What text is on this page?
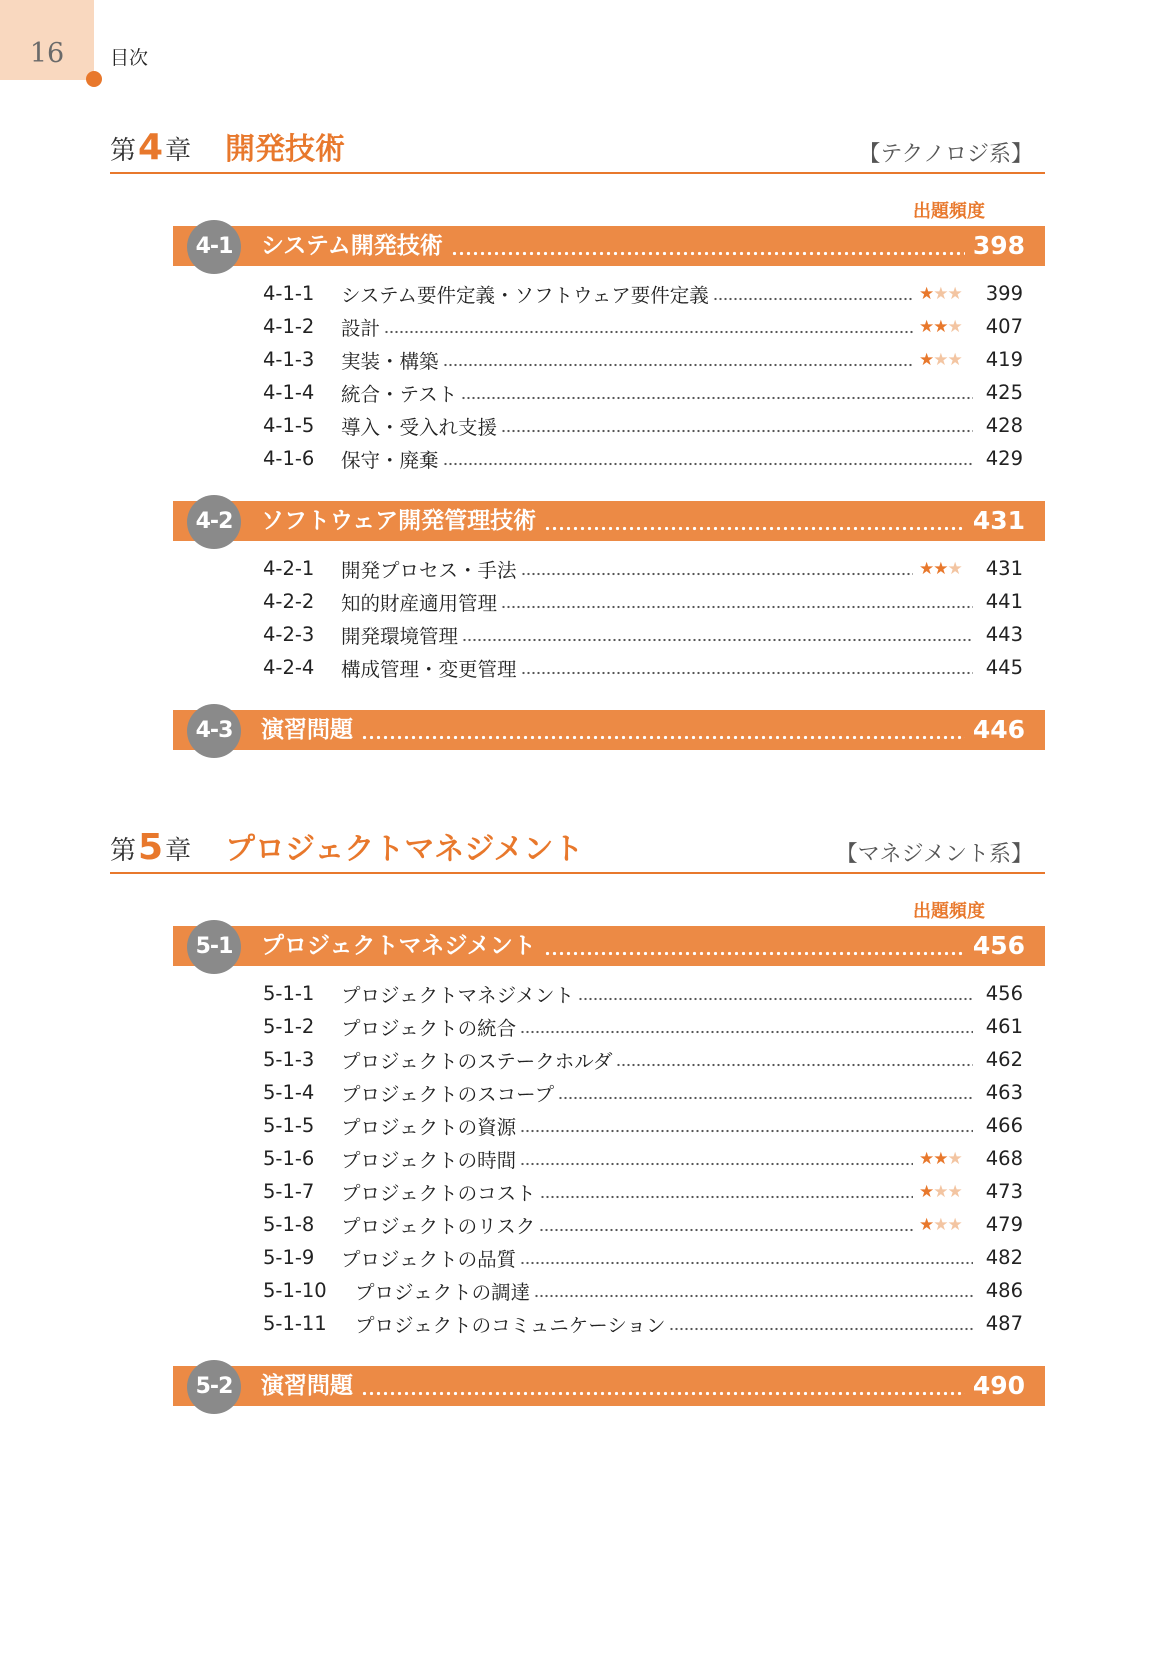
16	目次
第4章 開発技術	【テクノロジ系】
出題頻度
4-1	システム開発技術	398
4-1-1	システム要件定義・ソフトウェア要件定義	★★★	399
4-1-2	設計	★★★	407
4-1-3	実装・構築	★★★	419
4-1-4	統合・テスト	425
4-1-5	導入・受入れ支援	428
4-1-6	保守・廃棄	429
4-2	ソフトウェア開発管理技術	431
4-2-1	開発プロセス・手法	★★★	431
4-2-2	知的財産適用管理	441
4-2-3	開発環境管理	443
4-2-4	構成管理・変更管理	445
4-3	演習問題	446
第5章 プロジェクトマネジメント	【マネジメント系】
出題頻度
5-1	プロジェクトマネジメント	456
5-1-1	プロジェクトマネジメント	456
5-1-2	プロジェクトの統合	461
5-1-3	プロジェクトのステークホルダ	462
5-1-4	プロジェクトのスコープ	463
5-1-5	プロジェクトの資源	466
5-1-6	プロジェクトの時間	★★★	468
5-1-7	プロジェクトのコスト	★★★	473
5-1-8	プロジェクトのリスク	★★★	479
5-1-9	プロジェクトの品質	482
5-1-10	プロジェクトの調達	486
5-1-11	プロジェクトのコミュニケーション	487
5-2	演習問題	490
